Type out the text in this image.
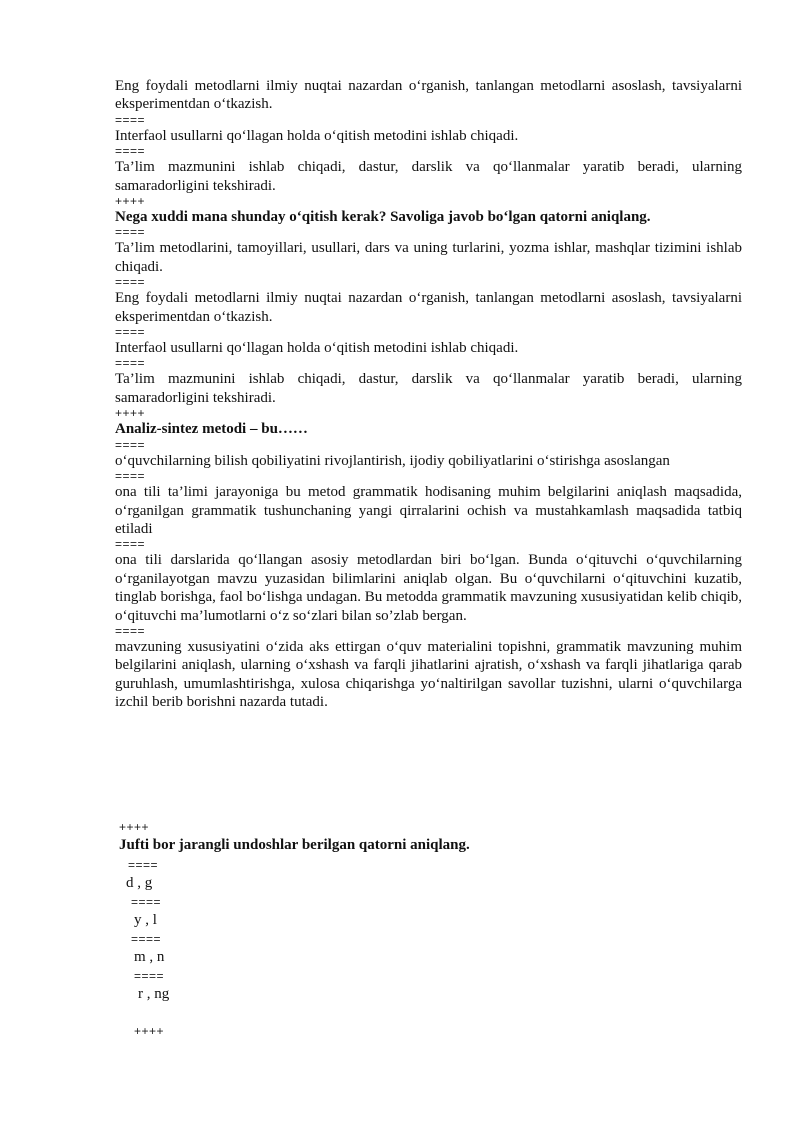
Eng foydali metodlarni ilmiy nuqtai nazardan o‘rganish, tanlangan metodlarni asoslash, tavsiyalarni eksperimentdan o‘tkazish.

====

Interfaol usullarni qo‘llagan holda o‘qitish metodini ishlab chiqadi.

====

Ta’lim mazmunini ishlab chiqadi, dastur, darslik va qo‘llanmalar yaratib beradi, ularning samaradorligini tekshiradi.

++++

Nega xuddi mana shunday o‘qitish kerak? Savoliga javob bo‘lgan qatorni aniqlang.

====

Ta’lim metodlarini, tamoyillari, usullari, dars va uning turlarini, yozma ishlar, mashqlar tizimini ishlab chiqadi.

====

Eng foydali metodlarni ilmiy nuqtai nazardan o‘rganish, tanlangan metodlarni asoslash, tavsiyalarni eksperimentdan o‘tkazish.

====

Interfaol usullarni qo‘llagan holda o‘qitish metodini ishlab chiqadi.

====

Ta’lim mazmunini ishlab chiqadi, dastur, darslik va qo‘llanmalar yaratib beradi, ularning samaradorligini tekshiradi.

++++

Analiz-sintez metodi – bu……

====

o‘quvchilarning bilish qobiliyatini rivojlantirish, ijodiy qobiliyatlarini o‘stirishga asoslangan

====

ona tili ta’limi jarayoniga bu metod grammatik hodisaning muhim belgilarini aniqlash maqsadida, o‘rganilgan grammatik tushunchaning yangi qirralarini ochish va mustahkamlash maqsadida tatbiq etiladi

====

ona tili darslarida qo‘llangan asosiy metodlardan biri bo‘lgan. Bunda o‘qituvchi o‘quvchilarning o‘rganilayotgan mavzu yuzasidan bilimlarini aniqlab olgan. Bu o‘quvchilarni o‘qituvchini kuzatib, tinglab borishga, faol bo‘lishga undagan. Bu metodda grammatik mavzuning xususiyatidan kelib chiqib, o‘qituvchi ma’lumotlarni o‘z so‘zlari bilan so’zlab bergan.

====

mavzuning xususiyatini o‘zida aks ettirgan o‘quv materialini topishni, grammatik mavzuning muhim belgilarini aniqlash, ularning o‘xshash va farqli jihatlarini ajratish, o‘xshash va farqli jihatlariga qarab guruhlash, umumlashtirishga, xulosa chiqarishga yo‘naltirilgan savollar tuzishni, ularni o‘quvchilarga izchil berib borishni nazarda tutadi.

++++
Jufti bor jarangli undoshlar berilgan qatorni aniqlang.
====
d , g
====
y , l
====
m , n
====
r , ng
++++
